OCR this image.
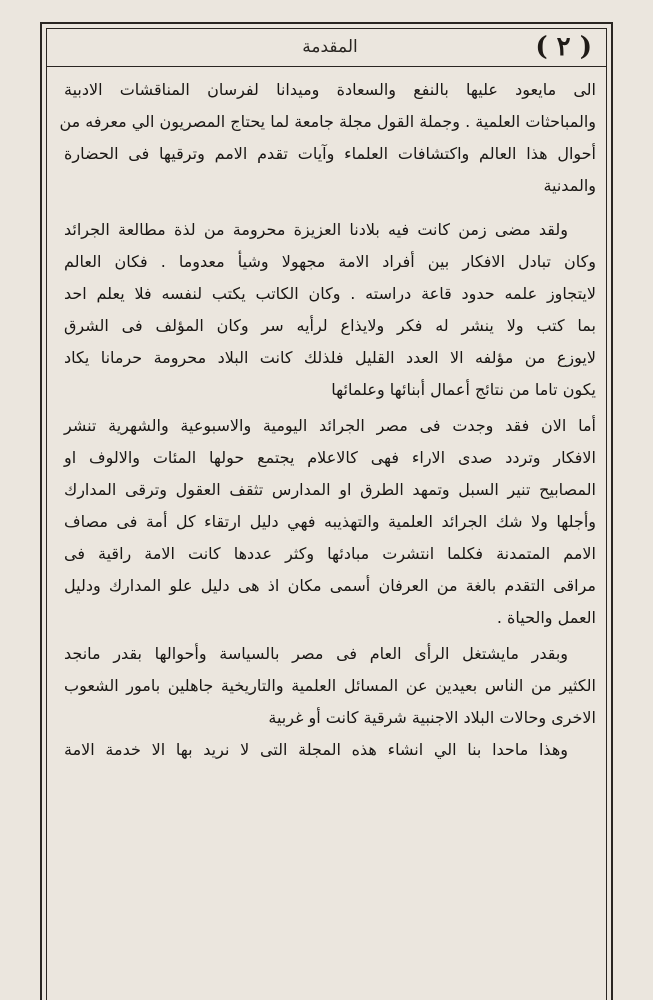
( ٢ )
المقدمة
الى مايعود عليها بالنفع والسعادة وميدانا لفرسان المناقشات الادبية
والمباحثات العلمية . وجملة القول مجلة جامعة لما يحتاج المصريون الي معرفه من
أحوال هذا العالم واكتشافات العلماء وآيات تقدم الامم وترقيها فى الحضارة
والمدنية
ولقد مضى زمن كانت فيه بلادنا العزيزة محرومة من لذة مطالعة الجرائد
وكان تبادل الافكار بين أفراد الامة مجهولا وشيأ معدوما . فكان العالم
لايتجاوز علمه حدود قاعة دراسته . وكان الكاتب يكتب لنفسه فلا يعلم احد
بما كتب ولا ينشر له فكر ولايذاع لرأيه سر وكان المؤلف فى الشرق
لايوزع من مؤلفه الا العدد القليل فلذلك كانت البلاد محرومة حرمانا يكاد
يكون تاما من نتائج أعمال أبنائها وعلمائها
أما الان فقد وجدت فى مصر الجرائد اليومية والاسبوعية والشهرية تنشر
الافكار وتردد صدى الاراء فهى كالاعلام يجتمع حولها المئات والالوف او
المصابيح تنير السبل وتمهد الطرق او المدارس تثقف العقول وترقى المدارك
وأجلها ولا شك الجرائد العلمية والتهذيبه فهي دليل ارتقاء كل أمة فى مصاف
الامم المتمدنة فكلما انتشرت مبادئها وكثر عددها كانت الامة راقية فى
مراقى التقدم بالغة من العرفان أسمى مكان اذ هى دليل علو المدارك ودليل
العمل والحياة .
وبقدر مايشتغل الرأى العام فى مصر بالسياسة وأحوالها بقدر مانجد
الكثير من الناس بعيدين عن المسائل العلمية والتاريخية جاهلين بامور الشعوب
الاخرى وحالات البلاد الاجنبية شرقية كانت أو غربية
وهذا ماحدا بنا الي انشاء هذه المجلة التى لا نريد بها الا خدمة الامة
